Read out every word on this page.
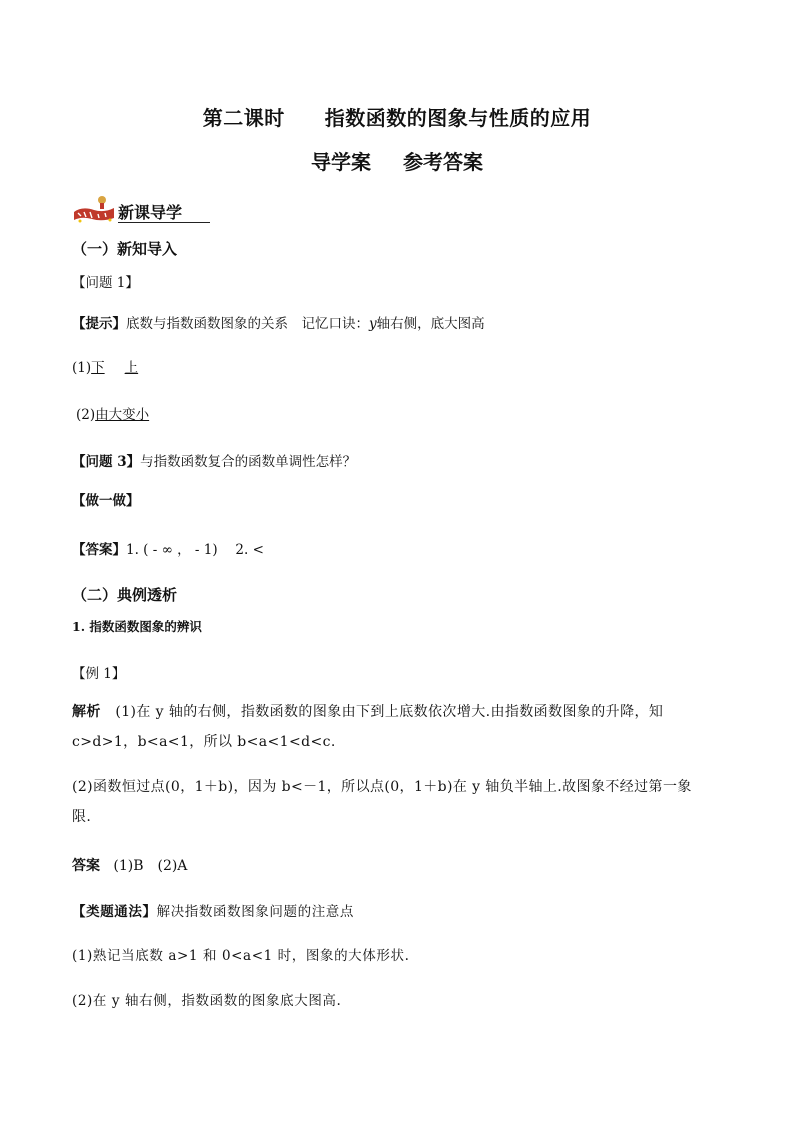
第二课时 指数函数的图象与性质的应用
导学案 参考答案
新课导学
（一）新知导入
【问题 1】
【提示】底数与指数函数图象的关系　记忆口诀：y轴右侧，底大图高
(1)下 上
(2)由大变小
【问题 3】与指数函数复合的函数单调性怎样？
【做一做】
【答案】1. ( - ∞ ， - 1)　 2. <
（二）典例透析
1. 指数函数图象的辨识
【例 1】
解析 (1)在 y 轴的右侧，指数函数的图象由下到上底数依次增大.由指数函数图象的升降，知
c>d>1，b<a<1，所以 b<a<1<d<c.
(2)函数恒过点(0，1＋b)，因为 b<－1，所以点(0，1＋b)在 y 轴负半轴上.故图象不经过第一象
限.
答案 (1)B　(2)A
【类题通法】解决指数函数图象问题的注意点
(1)熟记当底数 a>1 和 0<a<1 时，图象的大体形状.
(2)在 y 轴右侧，指数函数的图象底大图高.
